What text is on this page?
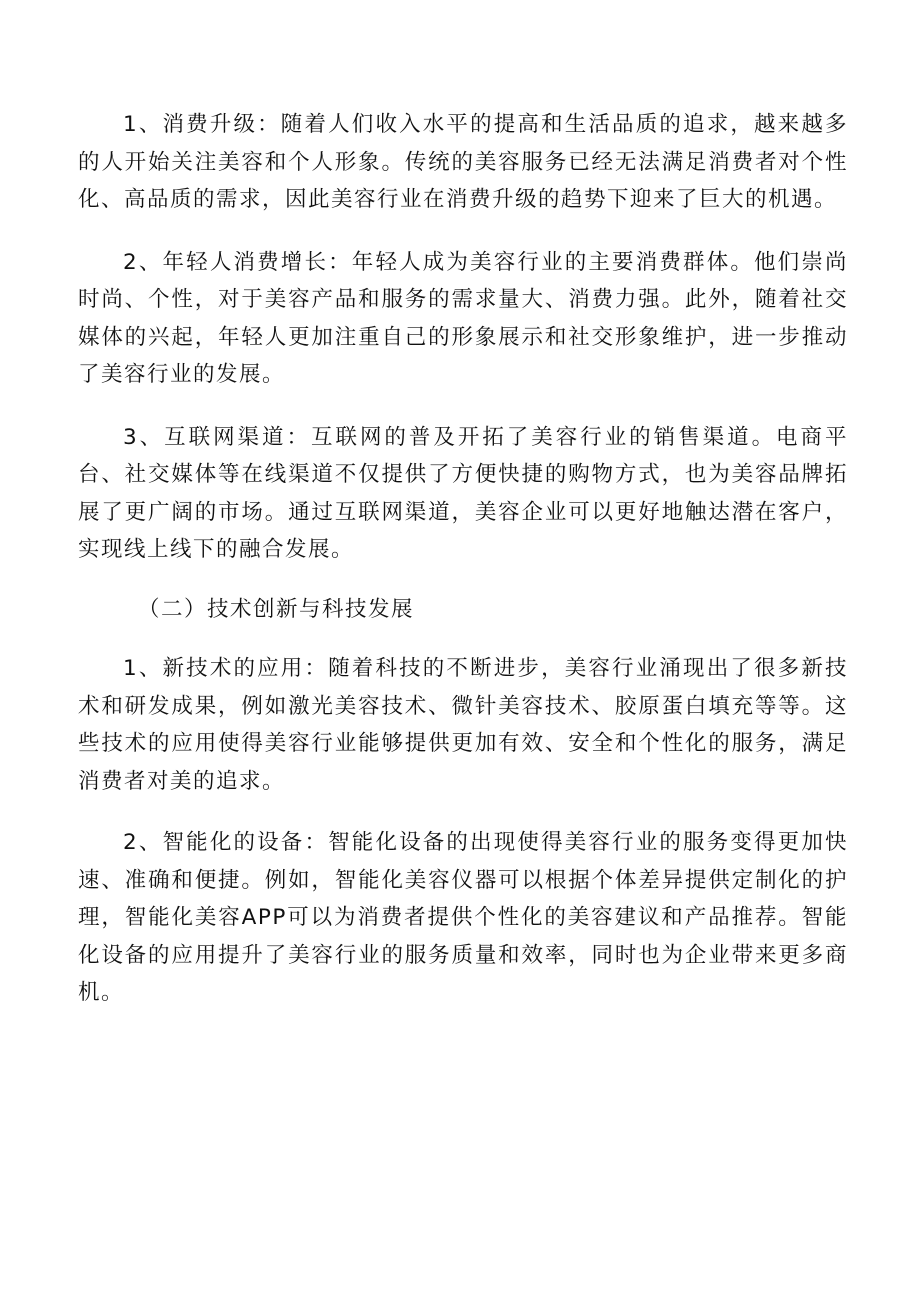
1、消费升级：随着人们收入水平的提高和生活品质的追求，越来越多的人开始关注美容和个人形象。传统的美容服务已经无法满足消费者对个性化、高品质的需求，因此美容行业在消费升级的趋势下迎来了巨大的机遇。

2、年轻人消费增长：年轻人成为美容行业的主要消费群体。他们崇尚时尚、个性，对于美容产品和服务的需求量大、消费力强。此外，随着社交媒体的兴起，年轻人更加注重自己的形象展示和社交形象维护，进一步推动了美容行业的发展。

3、互联网渠道：互联网的普及开拓了美容行业的销售渠道。电商平台、社交媒体等在线渠道不仅提供了方便快捷的购物方式，也为美容品牌拓展了更广阔的市场。通过互联网渠道，美容企业可以更好地触达潜在客户，实现线上线下的融合发展。

（二）技术创新与科技发展

1、新技术的应用：随着科技的不断进步，美容行业涌现出了很多新技术和研发成果，例如激光美容技术、微针美容技术、胶原蛋白填充等等。这些技术的应用使得美容行业能够提供更加有效、安全和个性化的服务，满足消费者对美的追求。

2、智能化的设备：智能化设备的出现使得美容行业的服务变得更加快速、准确和便捷。例如，智能化美容仪器可以根据个体差异提供定制化的护理，智能化美容APP可以为消费者提供个性化的美容建议和产品推荐。智能化设备的应用提升了美容行业的服务质量和效率，同时也为企业带来更多商机。
